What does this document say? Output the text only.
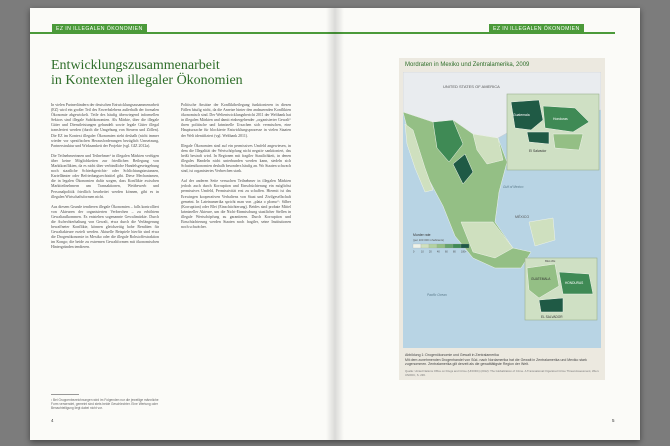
EZ IN ILLEGALEN ÖKONOMIEN
Entwicklungszusammenarbeit
in Kontexten illegaler Ökonomien

In vielen Partnerländern der deutschen Entwicklungszusammenarbeit (EZ) wird ein großer Teil des Erwerbslebens außerhalb der formalen Ökonomie abgewickelt. Teile des häufig überwiegend informellen Sektors sind illegale Subökonomien. Als Märkte, über die illegale Güter und Dienstleistungen gehandelt sowie legale Güter illegal transferiert werden (durch die Umgehung von Steuern und Zöllen). Die EZ im Kontext illegaler Ökonomien steht deshalb (nicht immer wieder vor spezifischen Herausforderungen bezüglich Umsetzung, Partnerstruktur und Wirksamkeit der Projekte (vgl. GIZ 2012a).

Die Teilnehmerinnen und Teilnehmer¹ in illegalen Märkten verfügen über keine Möglichkeiten zur friedlichen Beilegung von Marktkonflikten, da es nicht über verbindliche Handelsgesetzgebung noch staatliche Schiedsgerichts- oder Schlichtungsinstanzen, Kartellämter oder Befriedungsrechtstitel gibt. Diese Mechanismen, die in legalen Ökonomien dafür sorgen, dass Konflikte zwischen Marktteilnehmern um Transaktionen, Wettbewerb und Personalpolitik friedlich bearbeitet werden können, gibt es in illegalen Wirtschaftsformen nicht.

Aus diesem Grunde tendieren illegale Ökonomien – falls kontrolliert von Akteuren der organisierten Verbrechen – zu erhöhtem Gewaltaufkommen. Es entstehen sogenannte Gewaltmärkte. Durch die Aufrechterhaltung von Gewalt, etwa durch die Verlängerung bewaffneter Konflikte, können gleichzeitig hohe Renditen für Gewaltakteure erzielt werden. Aktuelle Beispiele hierfür sind etwa die Drogenökonomie in Mexiko oder die illegale Rohstoffextraktion im Kongo; die beide zu extremen Gewaltformen mit ökonomischen Hintergründen tendieren.

Politische Ansätze der Konfliktbeilegung funktionieren in diesen Fällen häufig nicht, da die Anreize hinter den andauernden Konflikten ökonomisch sind. Der Weltentwicklungsbericht 2011 der Weltbank hat in illegalen Märkten und damit einhergehender „organisierter Gewalt“ ihren politische und kriminelle Ursachen sich vermischen, eine Hauptursache für blockierte Entwicklungsprozesse in vielen Staaten der Welt identifiziert (vgl. Weltbank 2011).

Illegale Ökonomien sind auf ein permissives Umfeld angewiesen, in dem die Illegalität der Wertschöpfung nicht negativ sanktioniert, das heißt bestraft wird. In Regionen mit fragiler Staatlichkeit, in denen illegales Handeln nicht unterbunden werden kann, siedeln sich Schattenökonomien deshalb besonders häufig an. Wo Staaten schwach sind, ist organisiertes Verbrechen stark.

Auf der anderen Seite versuchen Teilnehmer in illegalen Märkten jedoch auch durch Korruption und Einschüchterung ein möglichst permissives Umfeld, Permissivität erst zu schaffen. Hiermit ist das Erzwingen kooperativen Verhaltens von Staat und Zivilgesellschaft gemeint. In Lateinamerika spricht man von „plata o plomo“: Silber (Korruption) oder Blei (Einschüchterung). Beides sind probate Mittel krimineller Akteure, um die Nicht-Einmischung staatlicher Stellen in illegale Wertschöpfung zu garantieren. Durch Korruption und Einschüchterung werden Staaten noch fragiler, seine Institutionen noch schwächer.

¹ Bei Gruppenbezeichnungen wird im Folgenden nur die jeweilige männliche Form verwendet, gemeint sind stets beide Geschlechter. Eine Wertung oder Benachteiligung liegt dabei nicht vor.
4
EZ IN ILLEGALEN ÖKONOMIEN
Mordraten in Mexiko und Zentralamerika, 2009
UNITED STATES OF AMERICA
MÉXICO
Guatemala
Honduras
El Salvador
GUATEMALA
HONDURAS
EL SALVADOR
BELIZE
Gulf of Mexico
Pacific Ocean
Murder rate
(per 100 000 inhabitants)
0	10 20 40 60 80 100+
Abbildung 1: Drogenökonomie und Gewalt in Zentralamerika
Mit dem zunehmenden Drogenhandel von Süd- nach Nordamerika hat die Gewalt in Zentralamerika und Mexiko stark zugenommen. Zentralamerika gilt derzeit als die gewalttätigste Region der Welt.
Quelle: United Nations Office on Drugs and Crime (UNODC) (2012): The Globalization of Crime. A Transnational Organized Crime Threat Assessment, Wien: UNODC, S. 236.
5
